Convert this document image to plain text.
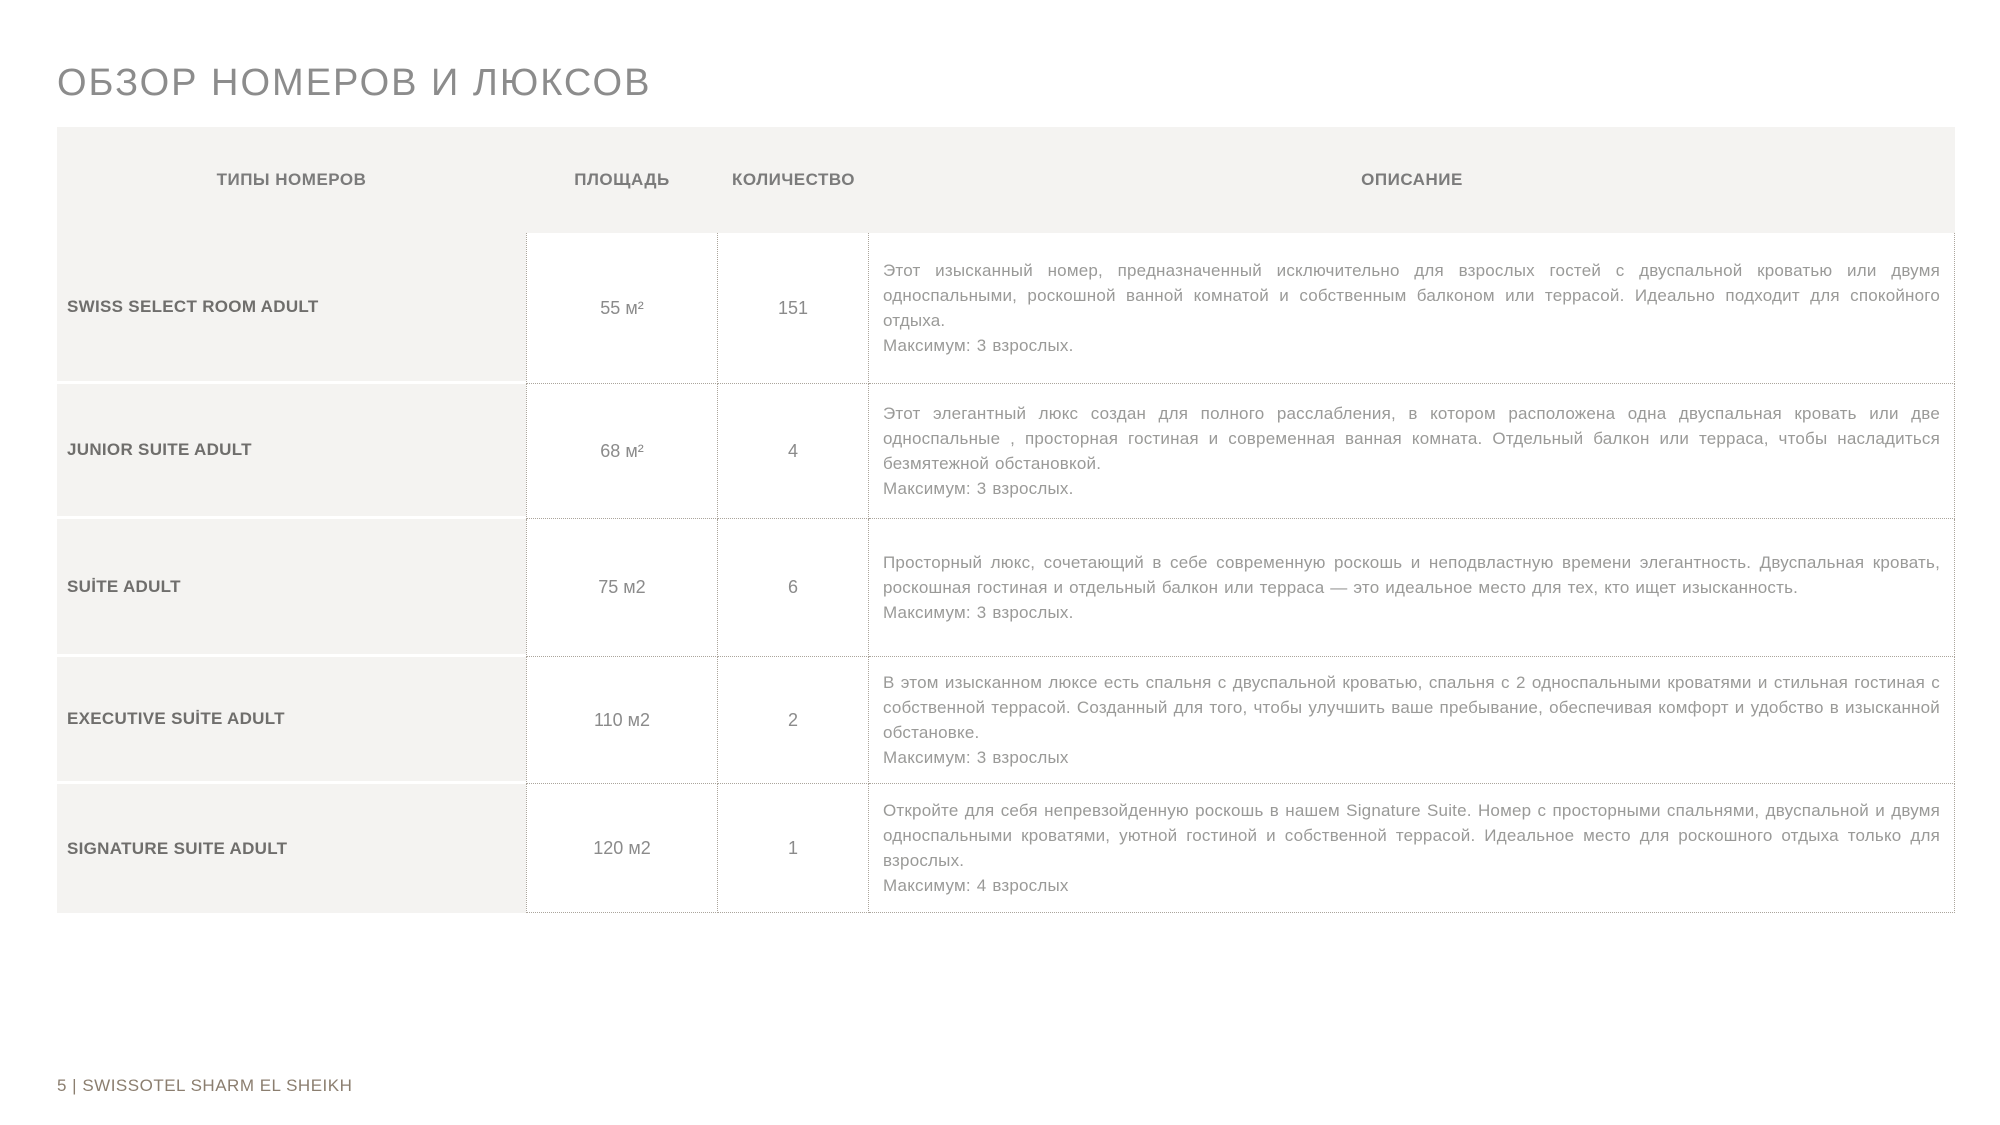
ОБЗОР НОМЕРОВ И ЛЮКСОВ
ТИПЫ НОМЕРОВ	ПЛОЩАДЬ	КОЛИЧЕСТВО	ОПИСАНИЕ
SWISS SELECT ROOM ADULT	55 м²	151
Этот изысканный номер, предназначенный исключительно для взрослых гостей с двуспальной кроватью или двумя односпальными, роскошной ванной комнатой и собственным балконом или террасой. Идеально подходит для спокойного отдыха.
Максимум: 3 взрослых.
JUNIOR SUITE ADULT	68 м²	4
Этот элегантный люкс создан для полного расслабления, в котором расположена одна двуспальная кровать или две односпальные , просторная гостиная и современная ванная комната. Отдельный балкон или терраса, чтобы насладиться безмятежной обстановкой.
Максимум: 3 взрослых.
SUİTE ADULT	75 м2	6
Просторный люкс, сочетающий в себе современную роскошь и неподвластную времени элегантность. Двуспальная кровать, роскошная гостиная и отдельный балкон или терраса — это идеальное место для тех, кто ищет изысканность.
Максимум: 3 взрослых.
EXECUTIVE SUİTE ADULT	110 м2	2
В этом изысканном люксе есть спальня с двуспальной кроватью, спальня с 2 односпальными кроватями и стильная гостиная с собственной террасой. Созданный для того, чтобы улучшить ваше пребывание, обеспечивая комфорт и удобство в изысканной обстановке.
Максимум: 3 взрослых
SIGNATURE SUITE ADULT	120 м2	1
Откройте для себя непревзойденную роскошь в нашем Signature Suite. Номер с просторными спальнями, двуспальной и двумя односпальными кроватями, уютной гостиной и собственной террасой. Идеальное место для роскошного отдыха только для взрослых.
Максимум: 4 взрослых
5 | SWISSOTEL SHARM EL SHEIKH
